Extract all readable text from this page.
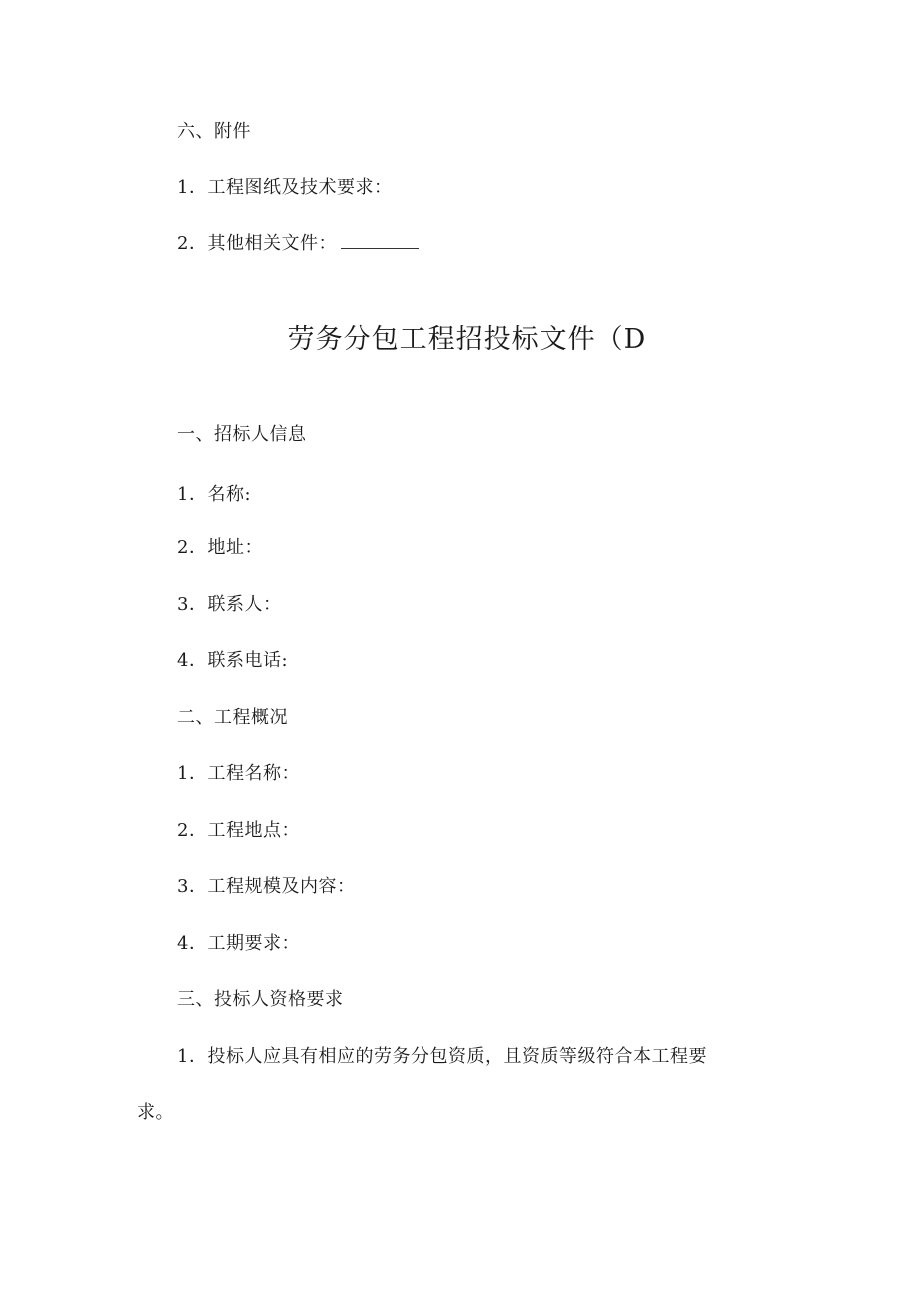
六、附件
1．工程图纸及技术要求：
2．其他相关文件：
劳务分包工程招投标文件（D
一、招标人信息
1．名称:
2．地址：
3．联系人：
4．联系电话:
二、工程概况
1．工程名称：
2．工程地点：
3．工程规模及内容：
4．工期要求：
三、投标人资格要求
1．投标人应具有相应的劳务分包资质，且资质等级符合本工程要
求。
